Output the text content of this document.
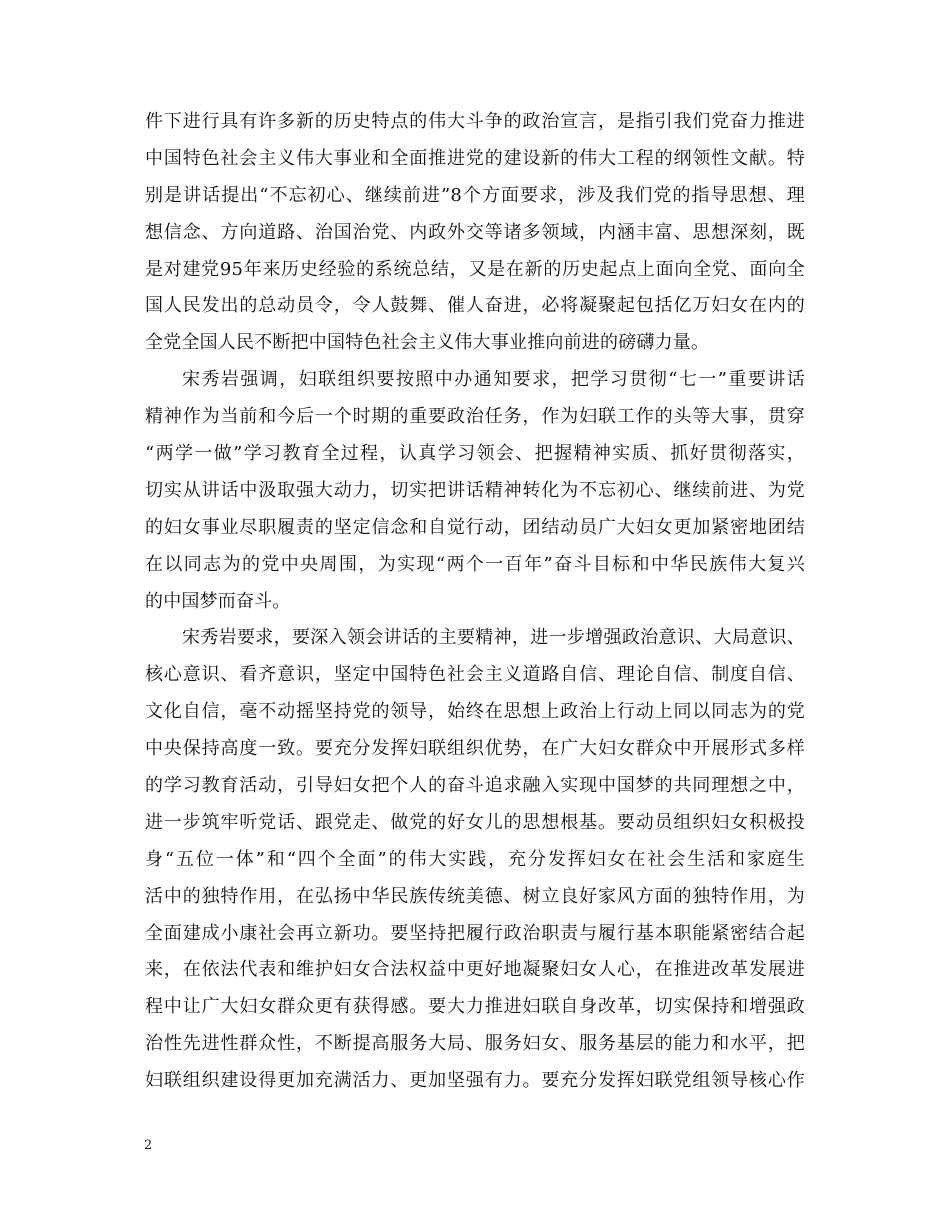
件下进行具有许多新的历史特点的伟大斗争的政治宣言，是指引我们党奋力推进
中国特色社会主义伟大事业和全面推进党的建设新的伟大工程的纲领性文献。特
别是讲话提出“不忘初心、继续前进”8个方面要求，涉及我们党的指导思想、理
想信念、方向道路、治国治党、内政外交等诸多领域，内涵丰富、思想深刻，既
是对建党95年来历史经验的系统总结，又是在新的历史起点上面向全党、面向全
国人民发出的总动员令，令人鼓舞、催人奋进，必将凝聚起包括亿万妇女在内的
全党全国人民不断把中国特色社会主义伟大事业推向前进的磅礴力量。
宋秀岩强调，妇联组织要按照中办通知要求，把学习贯彻“七一”重要讲话
精神作为当前和今后一个时期的重要政治任务，作为妇联工作的头等大事，贯穿
“两学一做”学习教育全过程，认真学习领会、把握精神实质、抓好贯彻落实，
切实从讲话中汲取强大动力，切实把讲话精神转化为不忘初心、继续前进、为党
的妇女事业尽职履责的坚定信念和自觉行动，团结动员广大妇女更加紧密地团结
在以同志为的党中央周围，为实现“两个一百年”奋斗目标和中华民族伟大复兴
的中国梦而奋斗。
宋秀岩要求，要深入领会讲话的主要精神，进一步增强政治意识、大局意识、
核心意识、看齐意识，坚定中国特色社会主义道路自信、理论自信、制度自信、
文化自信，毫不动摇坚持党的领导，始终在思想上政治上行动上同以同志为的党
中央保持高度一致。要充分发挥妇联组织优势，在广大妇女群众中开展形式多样
的学习教育活动，引导妇女把个人的奋斗追求融入实现中国梦的共同理想之中，
进一步筑牢听党话、跟党走、做党的好女儿的思想根基。要动员组织妇女积极投
身“五位一体”和“四个全面”的伟大实践，充分发挥妇女在社会生活和家庭生
活中的独特作用，在弘扬中华民族传统美德、树立良好家风方面的独特作用，为
全面建成小康社会再立新功。要坚持把履行政治职责与履行基本职能紧密结合起
来，在依法代表和维护妇女合法权益中更好地凝聚妇女人心，在推进改革发展进
程中让广大妇女群众更有获得感。要大力推进妇联自身改革，切实保持和增强政
治性先进性群众性，不断提高服务大局、服务妇女、服务基层的能力和水平，把
妇联组织建设得更加充满活力、更加坚强有力。要充分发挥妇联党组领导核心作
2
